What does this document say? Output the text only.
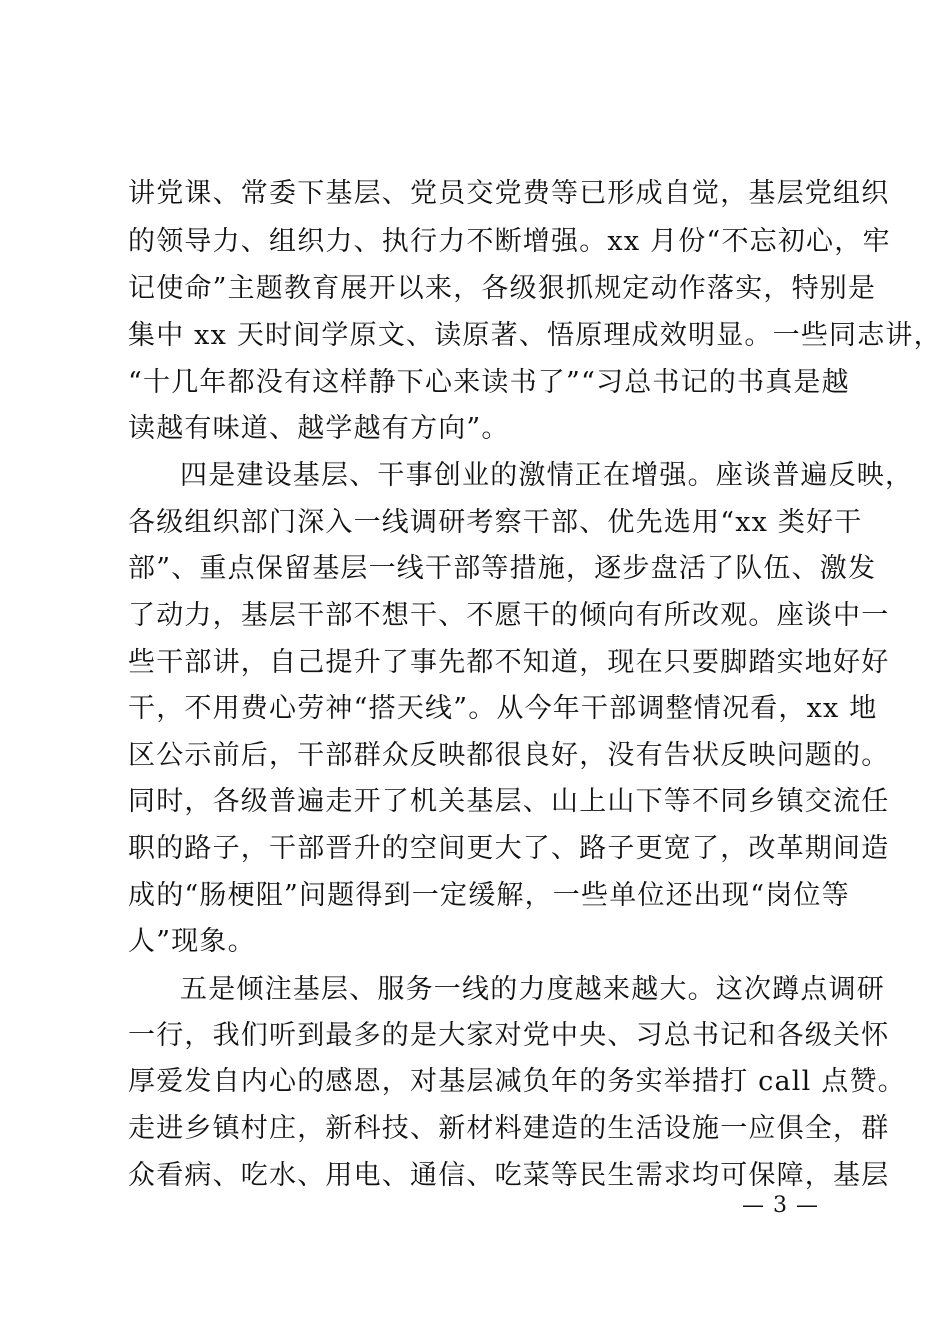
讲党课、常委下基层、党员交党费等已形成自觉，基层党组织
的领导力、组织力、执行力不断增强。xx 月份“不忘初心，牢
记使命”主题教育展开以来，各级狠抓规定动作落实，特别是
集中 xx 天时间学原文、读原著、悟原理成效明显。一些同志讲，
“十几年都没有这样静下心来读书了”“习总书记的书真是越
读越有味道、越学越有方向”。
四是建设基层、干事创业的激情正在增强。座谈普遍反映，
各级组织部门深入一线调研考察干部、优先选用“xx 类好干
部”、重点保留基层一线干部等措施，逐步盘活了队伍、激发
了动力，基层干部不想干、不愿干的倾向有所改观。座谈中一
些干部讲，自己提升了事先都不知道，现在只要脚踏实地好好
干，不用费心劳神“搭天线”。从今年干部调整情况看，xx 地
区公示前后，干部群众反映都很良好，没有告状反映问题的。
同时，各级普遍走开了机关基层、山上山下等不同乡镇交流任
职的路子，干部晋升的空间更大了、路子更宽了，改革期间造
成的“肠梗阻”问题得到一定缓解，一些单位还出现“岗位等
人”现象。
五是倾注基层、服务一线的力度越来越大。这次蹲点调研
一行，我们听到最多的是大家对党中央、习总书记和各级关怀
厚爱发自内心的感恩，对基层减负年的务实举措打 call 点赞。
走进乡镇村庄，新科技、新材料建造的生活设施一应俱全，群
众看病、吃水、用电、通信、吃菜等民生需求均可保障，基层
— 3 —
